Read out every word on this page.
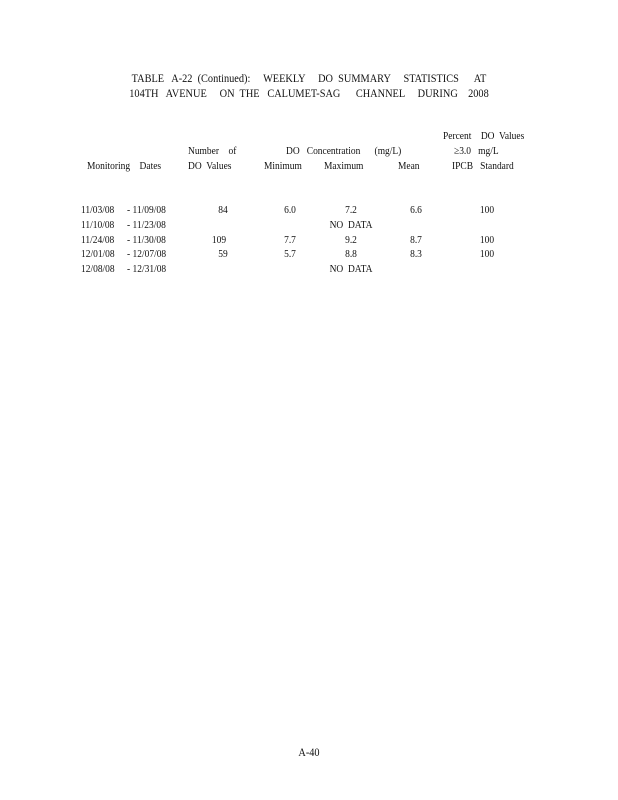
TABLE   A-22  (Continued):     WEEKLY     DO  SUMMARY     STATISTICS      AT
104TH   AVENUE     ON  THE   CALUMET-SAG      CHANNEL     DURING    2008
Percent    DO  Values
≥3.0   mg/L
Number    of	DO   Concentration      (mg/L)
Monitoring    Dates DO  Values	Minimum Maximum	Mean	IPCB   Standard
11/03/08 - 11/09/08	84	6.0	7.2	6.6	100
11/10/08 - 11/23/08	NO  DATA
11/24/08 - 11/30/08	109	7.7	9.2	8.7	100
12/01/08 - 12/07/08	59	5.7	8.8	8.3	100
12/08/08 - 12/31/08	NO  DATA
A-40
